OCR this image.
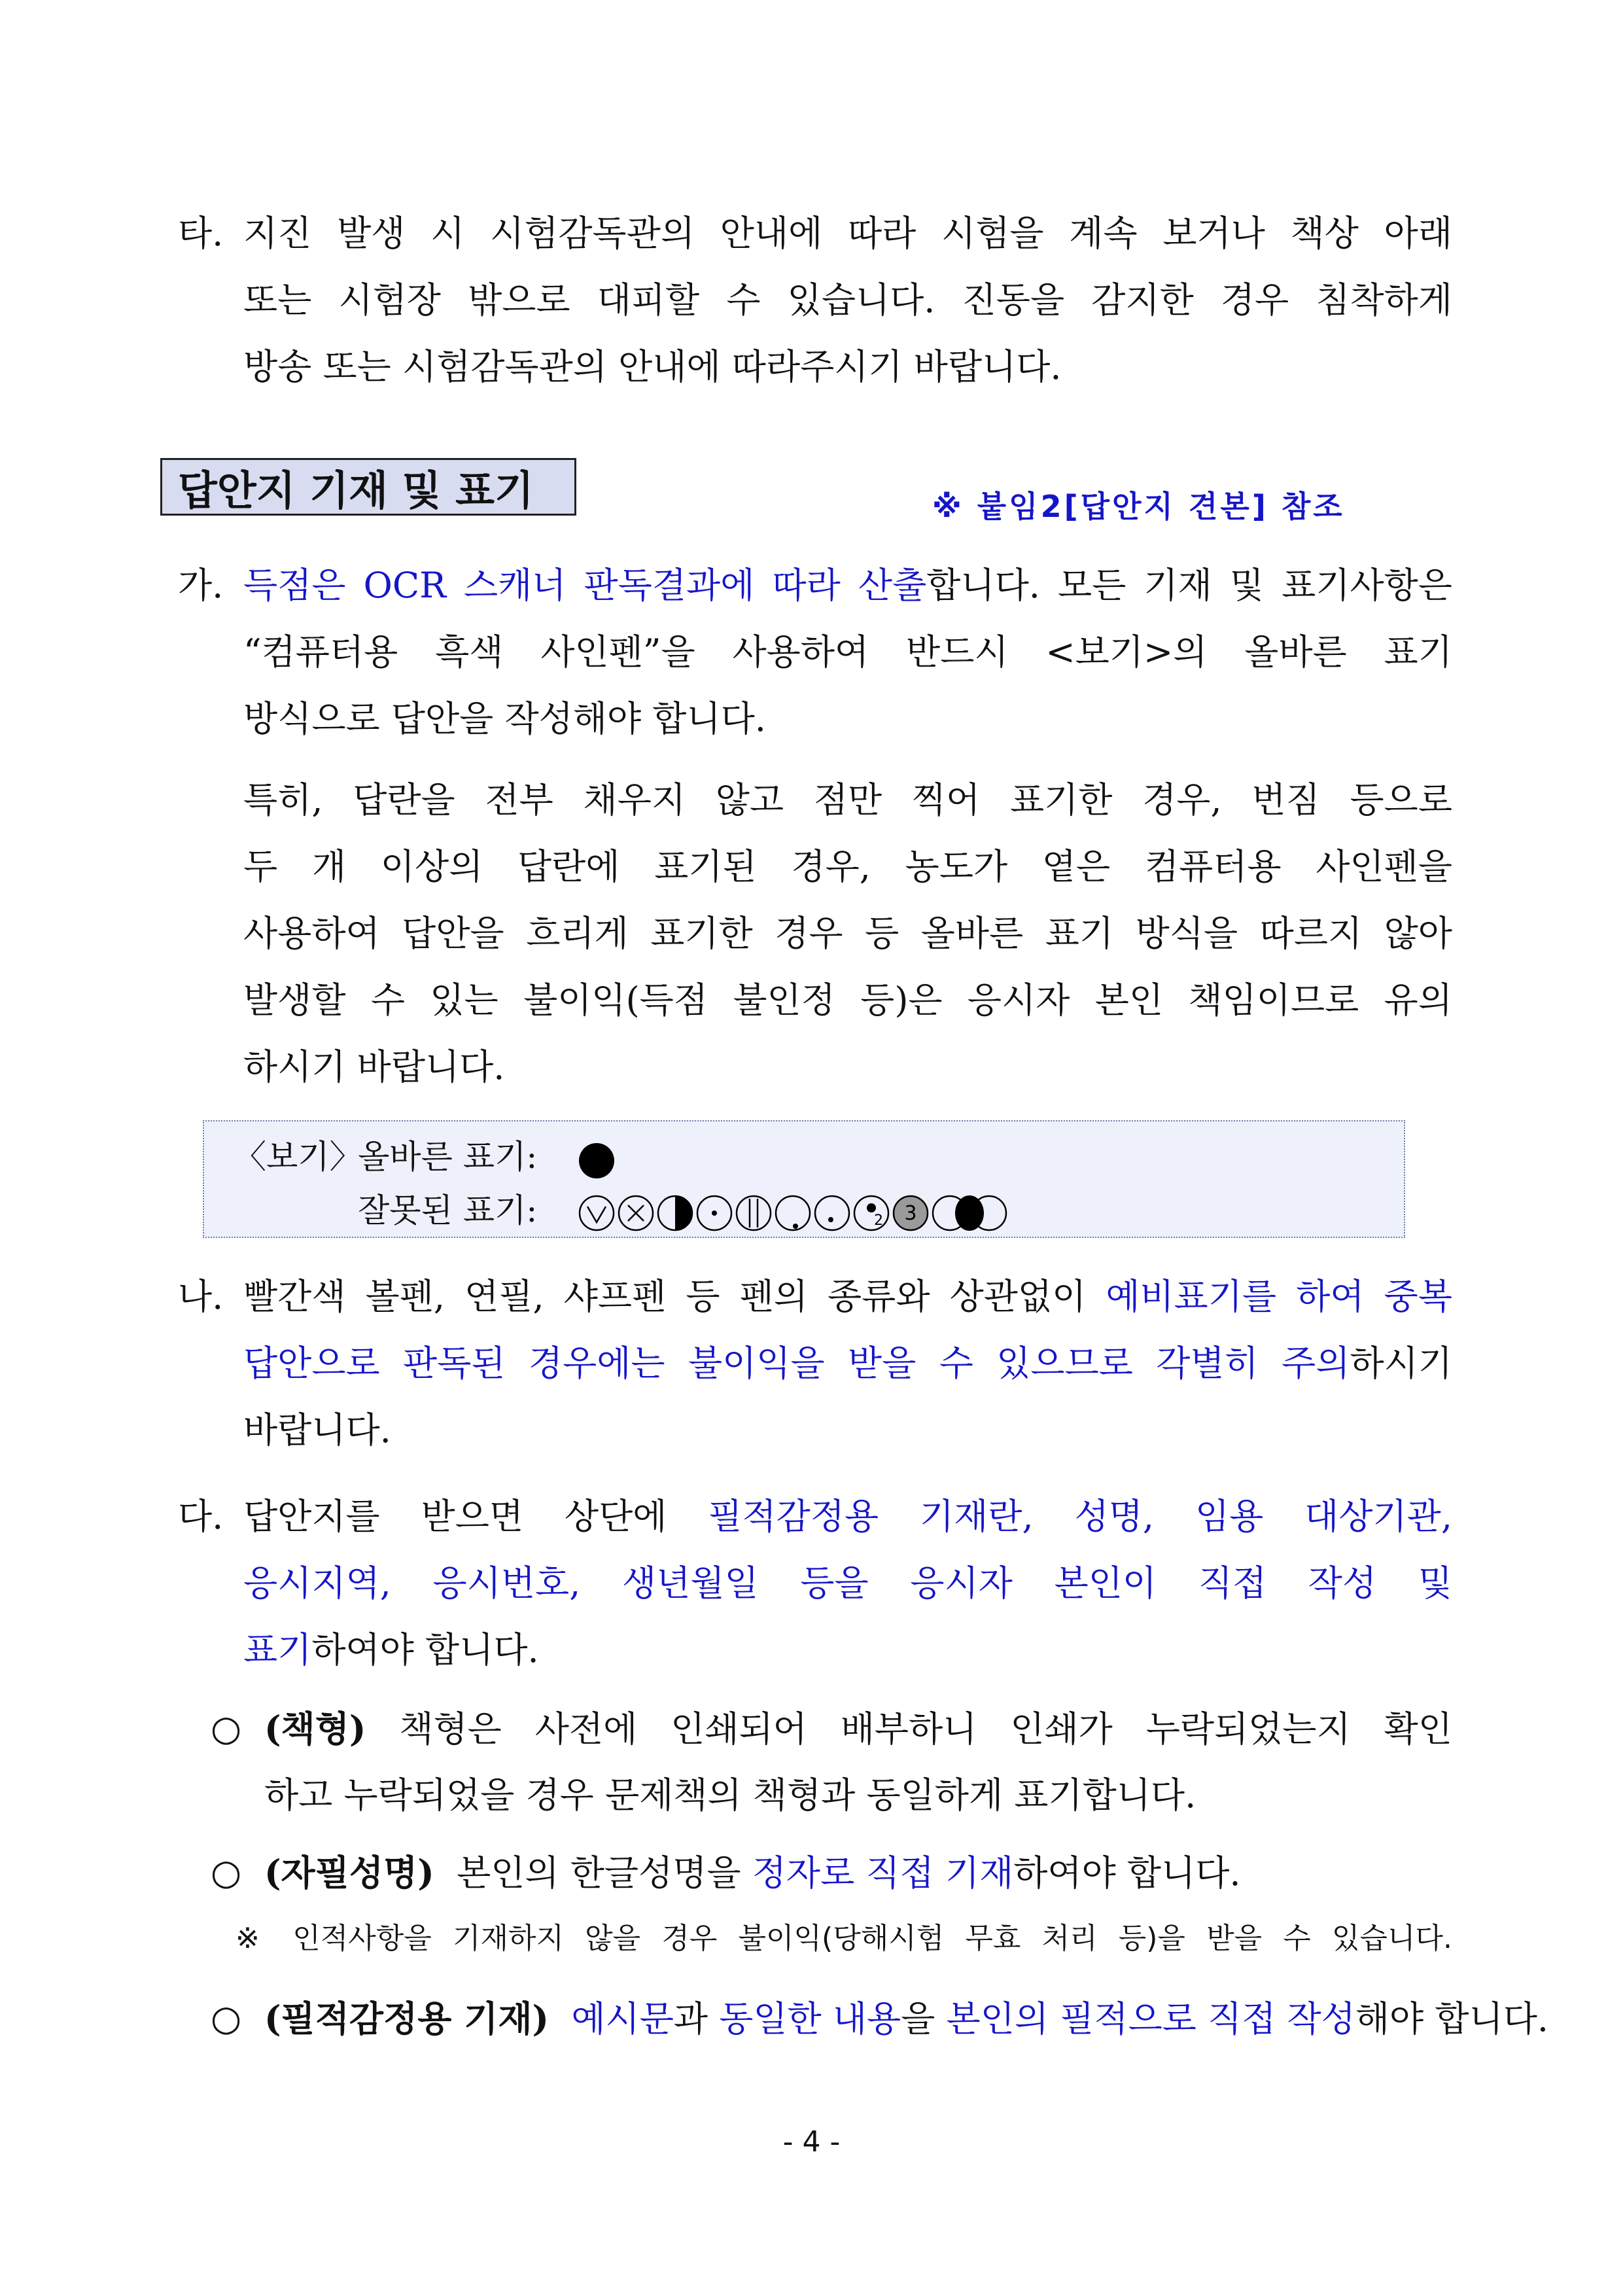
타. 지진 발생 시 시험감독관의 안내에 따라 시험을 계속 보거나 책상 아래
또는 시험장 밖으로 대피할 수 있습니다. 진동을 감지한 경우 침착하게
방송 또는 시험감독관의 안내에 따라주시기 바랍니다.
답안지 기재 및 표기	※ 붙임2[답안지 견본] 참조
가. 득점은 OCR 스캐너 판독결과에 따라 산출합니다. 모든 기재 및 표기사항은
“컴퓨터용 흑색 사인펜”을 사용하여 반드시 <보기>의 올바른 표기
방식으로 답안을 작성해야 합니다.
특히, 답란을 전부 채우지 않고 점만 찍어 표기한 경우, 번짐 등으로
두 개 이상의 답란에 표기된 경우, 농도가 옅은 컴퓨터용 사인펜을
사용하여 답안을 흐리게 표기한 경우 등 올바른 표기 방식을 따르지 않아
발생할 수 있는 불이익(득점 불인정 등)은 응시자 본인 책임이므로 유의
하시기 바랍니다.
〈보기〉
올바른 표기:
잘못된 표기:	2 3
나. 빨간색 볼펜, 연필, 샤프펜 등 펜의 종류와 상관없이 예비표기를 하여 중복
답안으로 판독된 경우에는 불이익을 받을 수 있으므로 각별히 주의하시기
바랍니다.
다. 답안지를 받으면 상단에 필적감정용 기재란, 성명, 임용 대상기관,
응시지역, 응시번호, 생년월일 등을 응시자 본인이 직접 작성 및
표기하여야 합니다.
○ (책형) 책형은 사전에 인쇄되어 배부하니 인쇄가 누락되었는지 확인
하고 누락되었을 경우 문제책의 책형과 동일하게 표기합니다.
○ (자필성명) 본인의 한글성명을 정자로 직접 기재하여야 합니다.
※ 인적사항을 기재하지 않을 경우 불이익(당해시험 무효 처리 등)을 받을 수 있습니다.
○ (필적감정용 기재) 예시문과 동일한 내용을 본인의 필적으로 직접 작성해야 합니다.
- 4 -
